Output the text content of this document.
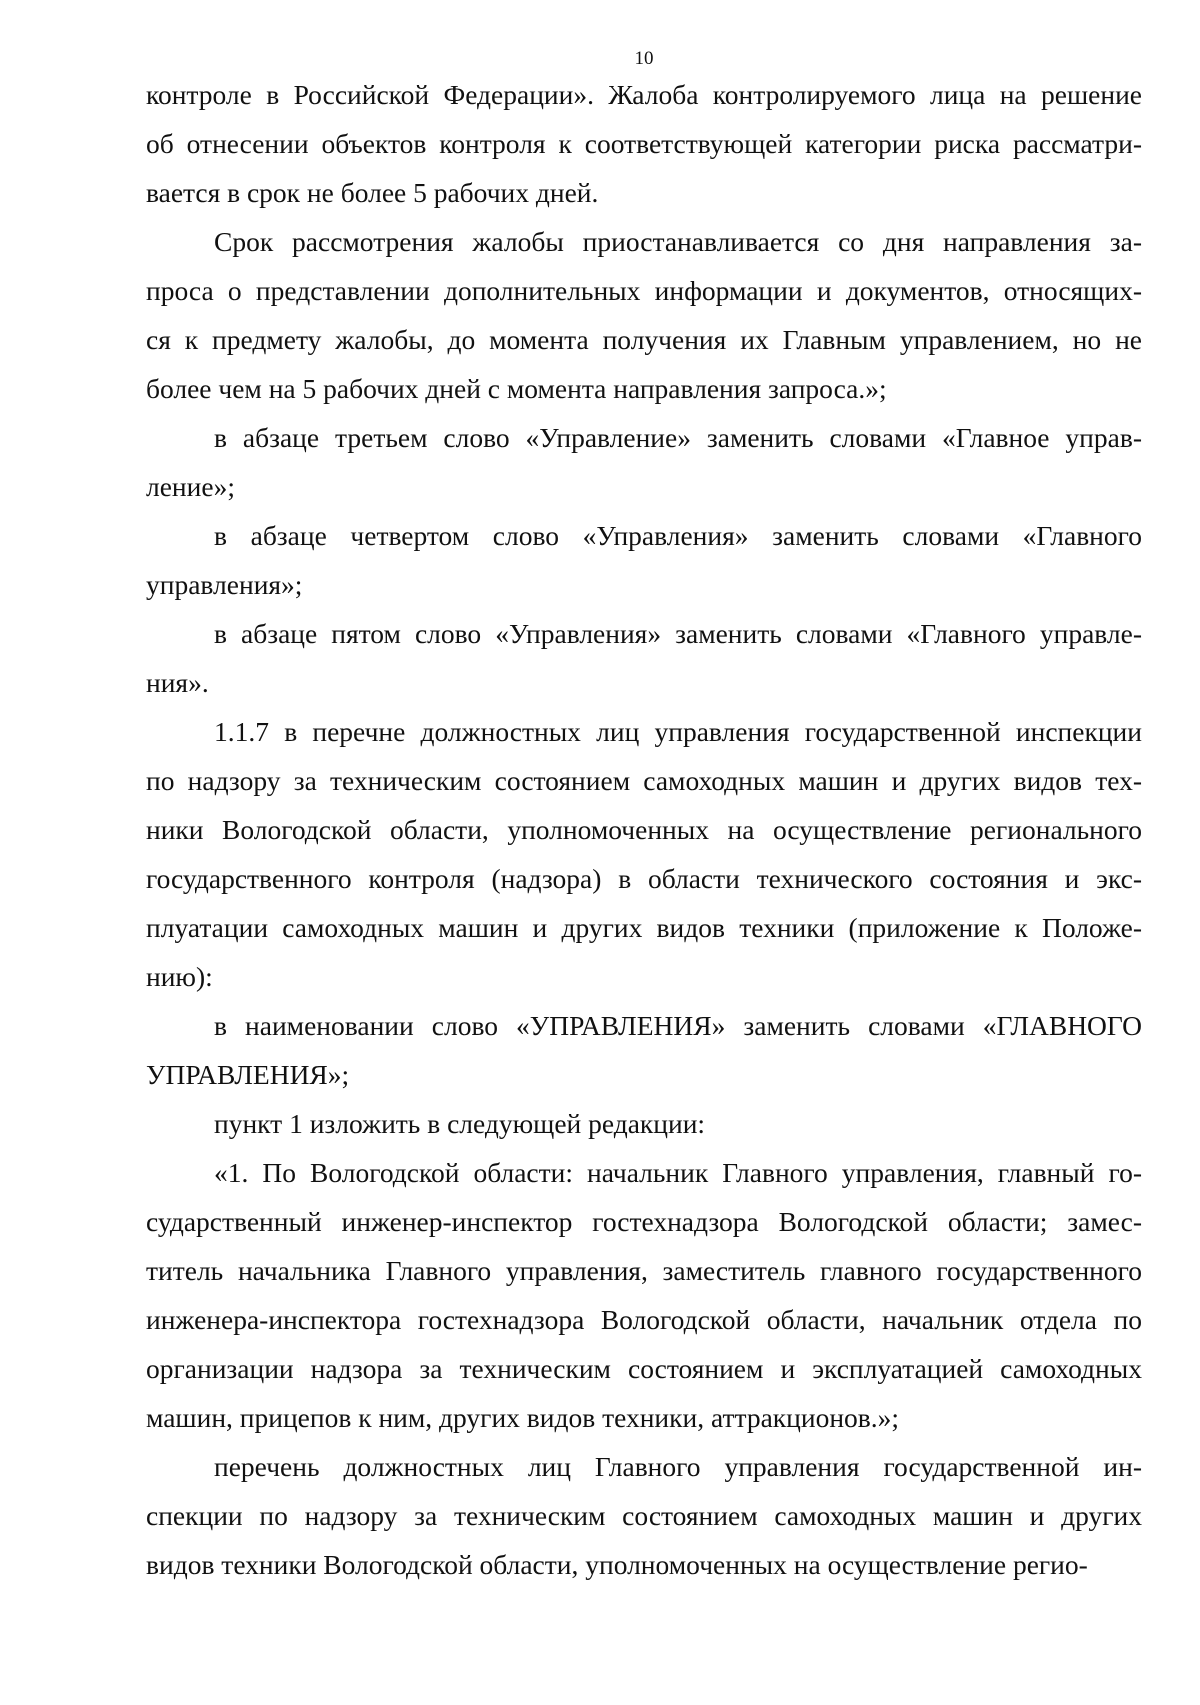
10
контроле в Российской Федерации». Жалоба контролируемого лица на решение
об отнесении объектов контроля к соответствующей категории риска рассматри-
вается в срок не более 5 рабочих дней.
Срок рассмотрения жалобы приостанавливается со дня направления за-
проса о представлении дополнительных информации и документов, относящих-
ся к предмету жалобы, до момента получения их Главным управлением, но не
более чем на 5 рабочих дней с момента направления запроса.»;
в абзаце третьем слово «Управление» заменить словами «Главное управ-
ление»;
в абзаце четвертом слово «Управления» заменить словами «Главного
управления»;
в абзаце пятом слово «Управления» заменить словами «Главного управле-
ния».
1.1.7 в перечне должностных лиц управления государственной инспекции
по надзору за техническим состоянием самоходных машин и других видов тех-
ники Вологодской области, уполномоченных на осуществление регионального
государственного контроля (надзора) в области технического состояния и экс-
плуатации самоходных машин и других видов техники (приложение к Положе-
нию):
в наименовании слово «УПРАВЛЕНИЯ» заменить словами «ГЛАВНОГО
УПРАВЛЕНИЯ»;
пункт 1 изложить в следующей редакции:
«1. По Вологодской области: начальник Главного управления, главный го-
сударственный инженер-инспектор гостехнадзора Вологодской области; замес-
титель начальника Главного управления, заместитель главного государственного
инженера-инспектора гостехнадзора Вологодской области, начальник отдела по
организации надзора за техническим состоянием и эксплуатацией самоходных
машин, прицепов к ним, других видов техники, аттракционов.»;
перечень должностных лиц Главного управления государственной ин-
спекции по надзору за техническим состоянием самоходных машин и других
видов техники Вологодской области, уполномоченных на осуществление регио-
